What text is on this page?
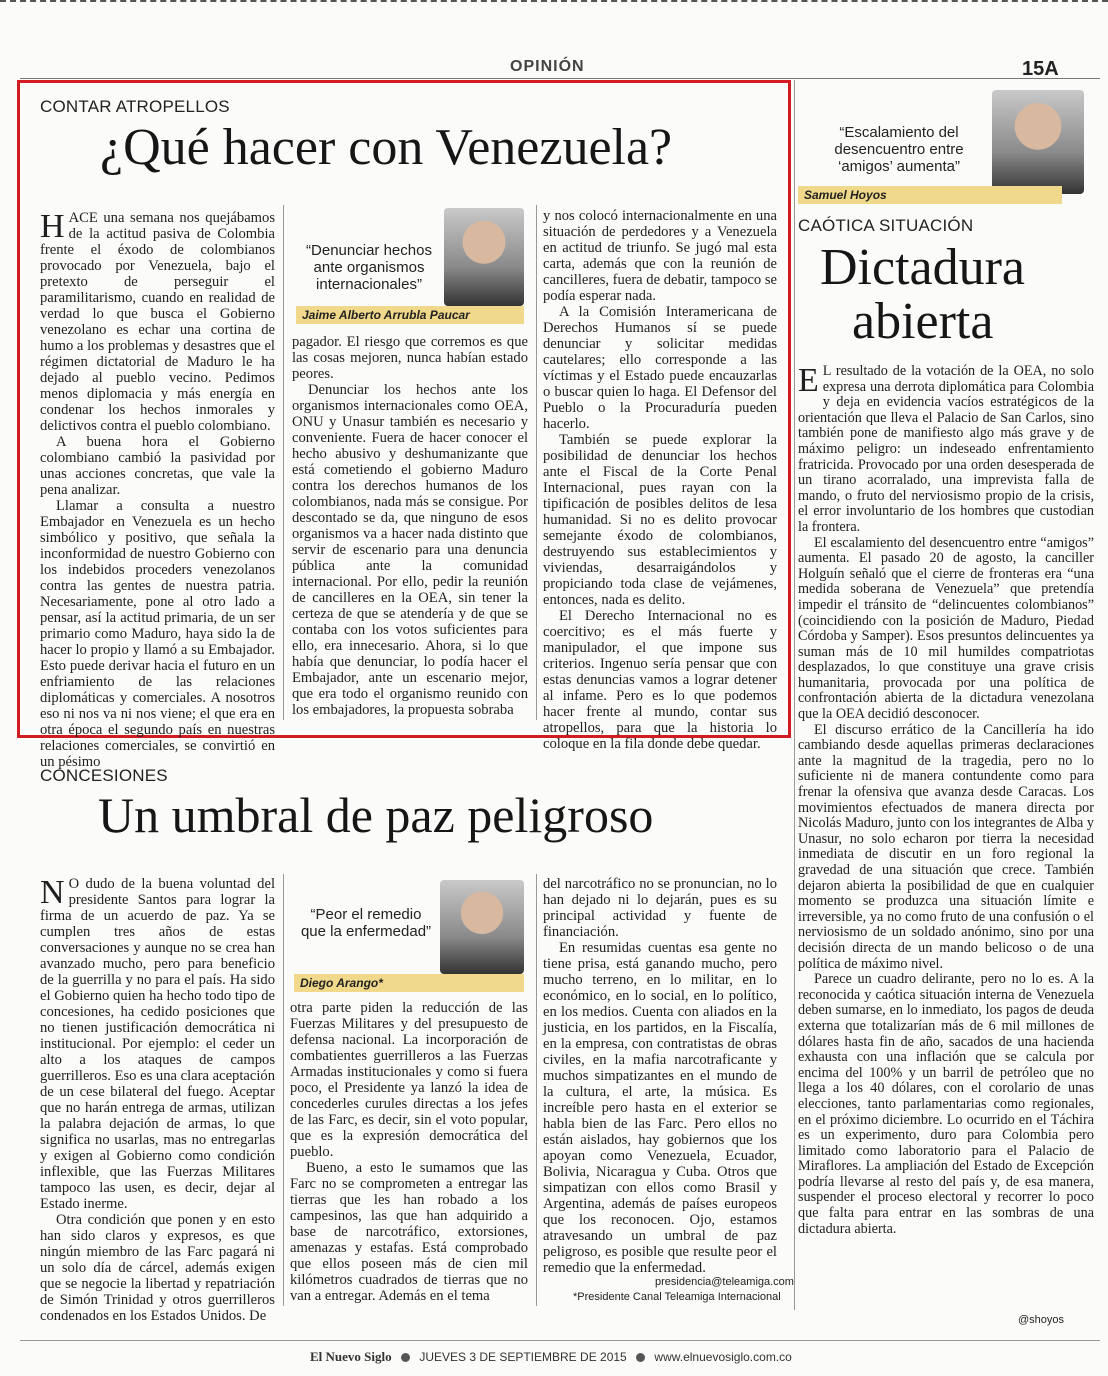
OPINIÓN	15A
CONTAR ATROPELLOS
¿Qué hacer con Venezuela?

HACE una semana nos quejábamos de la actitud pasiva de Colombia frente el éxodo de colombianos provocado por Venezuela, bajo el pretexto de perseguir el paramilitarismo, cuando en realidad de verdad lo que busca el Gobierno venezolano es echar una cortina de humo a los problemas y desastres que el régimen dictatorial de Maduro le ha dejado al pueblo vecino. Pedimos menos diplomacia y más energía en condenar los hechos inmorales y delictivos contra el pueblo colombiano.

A buena hora el Gobierno colombiano cambió la pasividad por unas acciones concretas, que vale la pena analizar.

Llamar a consulta a nuestro Embajador en Venezuela es un hecho simbólico y positivo, que señala la inconformidad de nuestro Gobierno con los indebidos proceders venezolanos contra las gentes de nuestra patria. Necesariamente, pone al otro lado a pensar, así la actitud primaria, de un ser primario como Maduro, haya sido la de hacer lo propio y llamó a su Embajador. Esto puede derivar hacia el futuro en un enfriamiento de las relaciones diplomáticas y comerciales. A nosotros eso ni nos va ni nos viene; el que era en otra época el segundo país en nuestras relaciones comerciales, se convirtió en un pésimo

“Denunciar hechos ante organismos internacionales”
Jaime Alberto Arrubla Paucar

pagador. El riesgo que corremos es que las cosas mejoren, nunca habían estado peores.

Denunciar los hechos ante los organismos internacionales como OEA, ONU y Unasur también es necesario y conveniente. Fuera de hacer conocer el hecho abusivo y deshumanizante que está cometiendo el gobierno Maduro contra los derechos humanos de los colombianos, nada más se consigue. Por descontado se da, que ninguno de esos organismos va a hacer nada distinto que servir de escenario para una denuncia pública ante la comunidad internacional. Por ello, pedir la reunión de cancilleres en la OEA, sin tener la certeza de que se atendería y de que se contaba con los votos suficientes para ello, era innecesario. Ahora, si lo que había que denunciar, lo podía hacer el Embajador, ante un escenario mejor, que era todo el organismo reunido con los embajadores, la propuesta sobraba

y nos colocó internacionalmente en una situación de perdedores y a Venezuela en actitud de triunfo. Se jugó mal esta carta, además que con la reunión de cancilleres, fuera de debatir, tampoco se podía esperar nada.

A la Comisión Interamericana de Derechos Humanos sí se puede denunciar y solicitar medidas cautelares; ello corresponde a las víctimas y el Estado puede encauzarlas o buscar quien lo haga. El Defensor del Pueblo o la Procuraduría pueden hacerlo.

También se puede explorar la posibilidad de denunciar los hechos ante el Fiscal de la Corte Penal Internacional, pues rayan con la tipificación de posibles delitos de lesa humanidad. Si no es delito provocar semejante éxodo de colombianos, destruyendo sus establecimientos y viviendas, desarraigándolos y propiciando toda clase de vejámenes, entonces, nada es delito.

El Derecho Internacional no es coercitivo; es el más fuerte y manipulador, el que impone sus criterios. Ingenuo sería pensar que con estas denuncias vamos a lograr detener al infame. Pero es lo que podemos hacer frente al mundo, contar sus atropellos, para que la historia lo coloque en la fila donde debe quedar.

CONCESIONES
Un umbral de paz peligroso

N O dudo de la buena voluntad del presidente Santos para lograr la firma de un acuerdo de paz. Ya se cumplen tres años de estas conversaciones y aunque no se crea han avanzado mucho, pero para beneficio de la guerrilla y no para el país. Ha sido el Gobierno quien ha hecho todo tipo de concesiones, ha cedido posiciones que no tienen justificación democrática ni institucional. Por ejemplo: el ceder un alto a los ataques de campos guerrilleros. Eso es una clara aceptación de un cese bilateral del fuego. Aceptar que no harán entrega de armas, utilizan la palabra dejación de armas, lo que significa no usarlas, mas no entregarlas y exigen al Gobierno como condición inflexible, que las Fuerzas Militares tampoco las usen, es decir, dejar al Estado inerme.

Otra condición que ponen y en esto han sido claros y expresos, es que ningún miembro de las Farc pagará ni un solo día de cárcel, además exigen que se negocie la libertad y repatriación de Simón Trinidad y otros guerrilleros condenados en los Estados Unidos. De

“Peor el remedio que la enfermedad”
Diego Arango*

otra parte piden la reducción de las Fuerzas Militares y del presupuesto de defensa nacional. La incorporación de combatientes guerrilleros a las Fuerzas Armadas institucionales y como si fuera poco, el Presidente ya lanzó la idea de concederles curules directas a los jefes de las Farc, es decir, sin el voto popular, que es la expresión democrática del pueblo.

Bueno, a esto le sumamos que las Farc no se comprometen a entregar las tierras que les han robado a los campesinos, las que han adquirido a base de narcotráfico, extorsiones, amenazas y estafas. Está comprobado que ellos poseen más de cien mil kilómetros cuadrados de tierras que no van a entregar. Además en el tema

del narcotráfico no se pronuncian, no lo han dejado ni lo dejarán, pues es su principal actividad y fuente de financiación.

En resumidas cuentas esa gente no tiene prisa, está ganando mucho, pero mucho terreno, en lo militar, en lo económico, en lo social, en lo político, en los medios. Cuenta con aliados en la justicia, en los partidos, en la Fiscalía, en la empresa, con contratistas de obras civiles, en la mafia narcotraficante y muchos simpatizantes en el mundo de la cultura, el arte, la música. Es increíble pero hasta en el exterior se habla bien de las Farc. Pero ellos no están aislados, hay gobiernos que los apoyan como Venezuela, Ecuador, Bolivia, Nicaragua y Cuba. Otros que simpatizan con ellos como Brasil y Argentina, además de países europeos que los reconocen. Ojo, estamos atravesando un umbral de paz peligroso, es posible que resulte peor el remedio que la enfermedad.

presidencia@teleamiga.com
*Presidente Canal Teleamiga Internacional
“Escalamiento del desencuentro entre ‘amigos’ aumenta”
Samuel Hoyos
CAÓTICA SITUACIÓN
Dictadura
abierta

E L resultado de la votación de la OEA, no solo expresa una derrota diplomática para Colombia y deja en evidencia vacíos estratégicos de la orientación que lleva el Palacio de San Carlos, sino también pone de manifiesto algo más grave y de máximo peligro: un indeseado enfrentamiento fratricida. Provocado por una orden desesperada de un tirano acorralado, una imprevista falla de mando, o fruto del nerviosismo propio de la crisis, el error involuntario de los hombres que custodian la frontera.

El escalamiento del desencuentro entre “amigos” aumenta. El pasado 20 de agosto, la canciller Holguín señaló que el cierre de fronteras era “una medida soberana de Venezuela” que pretendía impedir el tránsito de “delincuentes colombianos” (coincidiendo con la posición de Maduro, Piedad Córdoba y Samper). Esos presuntos delincuentes ya suman más de 10 mil humildes compatriotas desplazados, lo que constituye una grave crisis humanitaria, provocada por una política de confrontación abierta de la dictadura venezolana que la OEA decidió desconocer.

El discurso errático de la Cancillería ha ido cambiando desde aquellas primeras declaraciones ante la magnitud de la tragedia, pero no lo suficiente ni de manera contundente como para frenar la ofensiva que avanza desde Caracas. Los movimientos efectuados de manera directa por Nicolás Maduro, junto con los integrantes de Alba y Unasur, no solo echaron por tierra la necesidad inmediata de discutir en un foro regional la gravedad de una situación que crece. También dejaron abierta la posibilidad de que en cualquier momento se produzca una situación límite e irreversible, ya no como fruto de una confusión o el nerviosismo de un soldado anónimo, sino por una decisión directa de un mando belicoso o de una política de máximo nivel.

Parece un cuadro delirante, pero no lo es. A la reconocida y caótica situación interna de Venezuela deben sumarse, en lo inmediato, los pagos de deuda externa que totalizarían más de 6 mil millones de dólares hasta fin de año, sacados de una hacienda exhausta con una inflación que se calcula por encima del 100% y un barril de petróleo que no llega a los 40 dólares, con el corolario de unas elecciones, tanto parlamentarias como regionales, en el próximo diciembre. Lo ocurrido en el Táchira es un experimento, duro para Colombia pero limitado como laboratorio para el Palacio de Miraflores. La ampliación del Estado de Excepción podría llevarse al resto del país y, de esa manera, suspender el proceso electoral y recorrer lo poco que falta para entrar en las sombras de una dictadura abierta.

@shoyos
El Nuevo Siglo JUEVES 3 DE SEPTIEMBRE DE 2015 www.elnuevosiglo.com.co
